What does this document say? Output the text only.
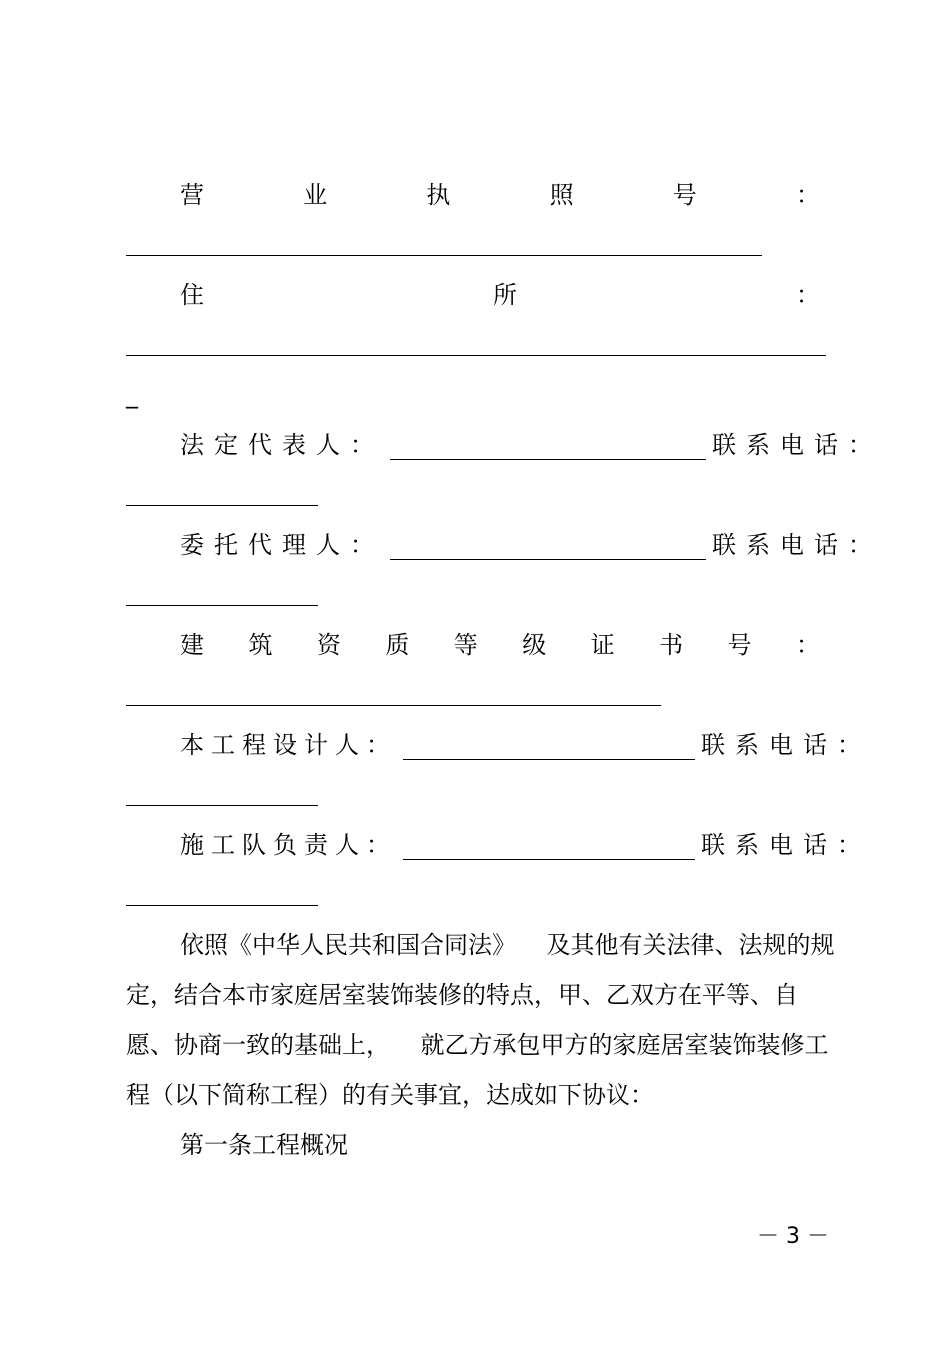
营	业	执	照	号	：
住	所	：
_
法定代表人：	联系电话：
委托代理人：	联系电话：
建 筑 资 质 等 级 证 书 号 ：
本工程设计人：	联系电话：
施工队负责人：	联系电话：
依照《中华人民共和国合同法》    及其他有关法律、法规的规
定，结合本市家庭居室装饰装修的特点，甲、乙双方在平等、自
愿、协商一致的基础上，    就乙方承包甲方的家庭居室装饰装修工
程（以下简称工程）的有关事宜，达成如下协议：
第一条工程概况
－ 3 －
